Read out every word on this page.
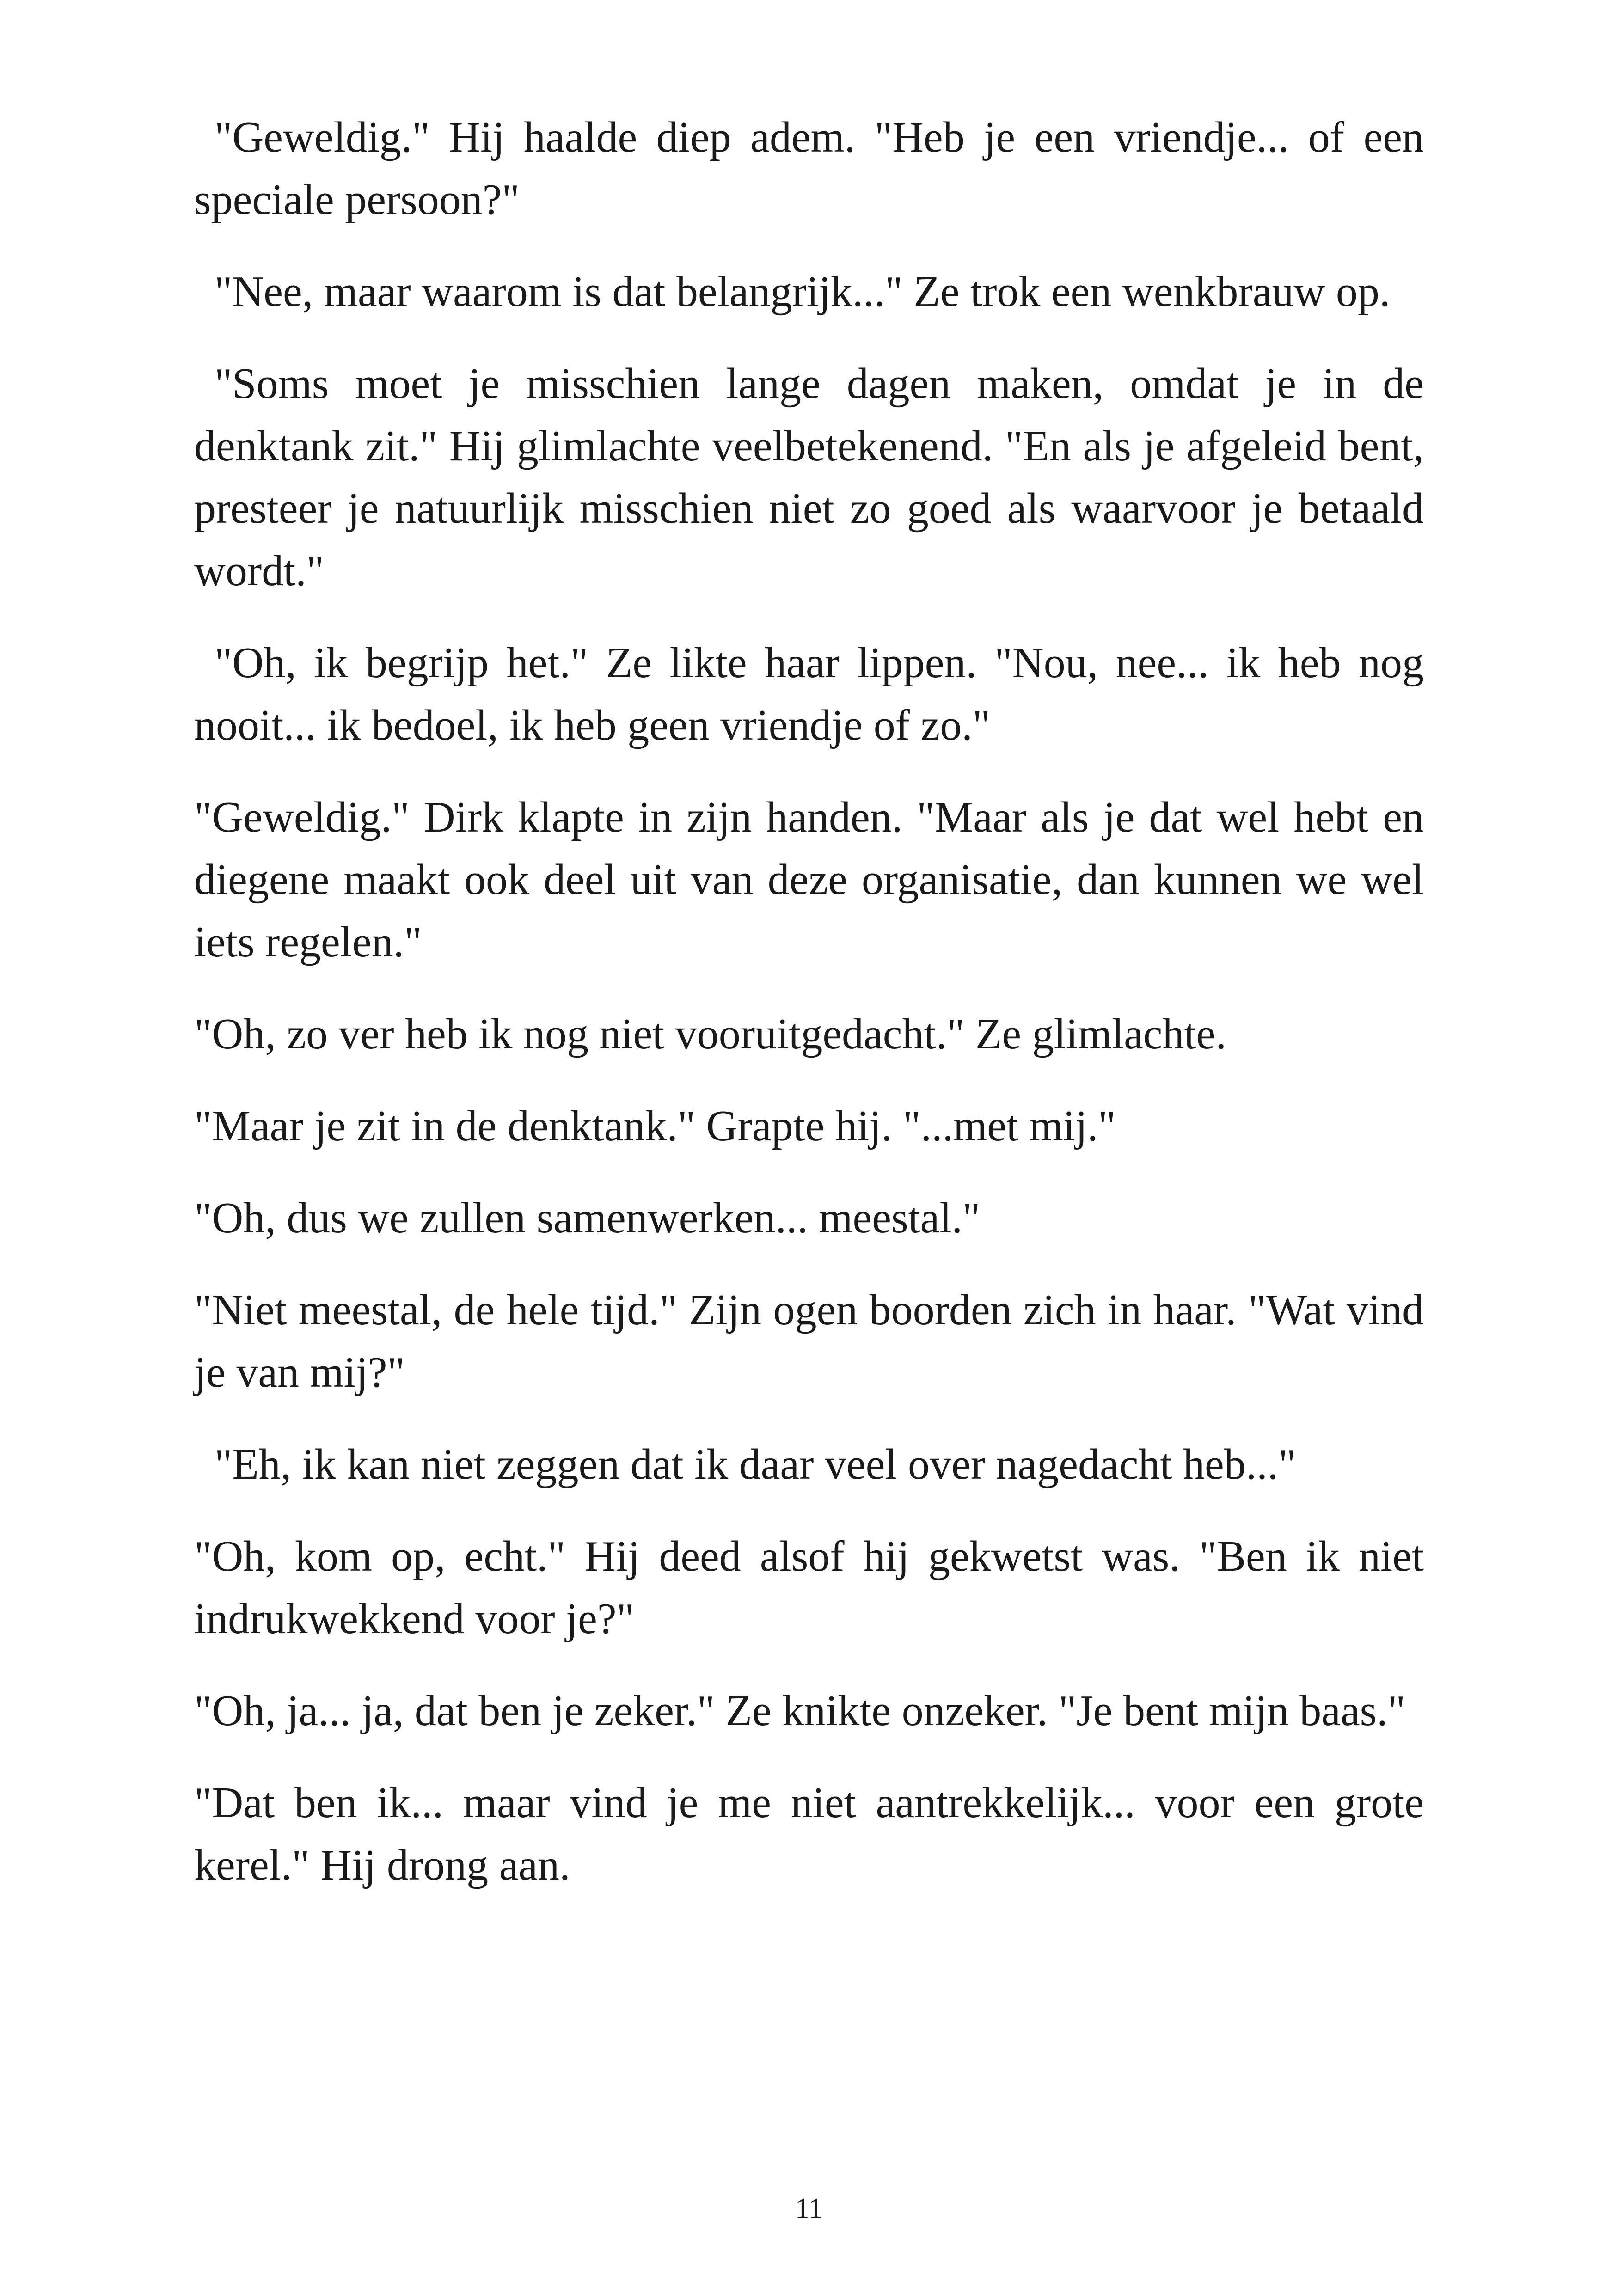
"Geweldig." Hij haalde diep adem. "Heb je een vriendje... of een speciale persoon?"

"Nee, maar waarom is dat belangrijk..." Ze trok een wenkbrauw op.

"Soms moet je misschien lange dagen maken, omdat je in de denktank zit." Hij glimlachte veelbetekenend. "En als je afgeleid bent, presteer je natuurlijk misschien niet zo goed als waarvoor je betaald wordt."

"Oh, ik begrijp het." Ze likte haar lippen. "Nou, nee... ik heb nog nooit... ik bedoel, ik heb geen vriendje of zo."

"Geweldig." Dirk klapte in zijn handen. "Maar als je dat wel hebt en diegene maakt ook deel uit van deze organisatie, dan kunnen we wel iets regelen."

"Oh, zo ver heb ik nog niet vooruitgedacht." Ze glimlachte.

"Maar je zit in de denktank." Grapte hij. "...met mij."

"Oh, dus we zullen samenwerken... meestal."

"Niet meestal, de hele tijd." Zijn ogen boorden zich in haar. "Wat vind je van mij?"

"Eh, ik kan niet zeggen dat ik daar veel over nagedacht heb..."

"Oh, kom op, echt." Hij deed alsof hij gekwetst was. "Ben ik niet indrukwekkend voor je?"

"Oh, ja... ja, dat ben je zeker." Ze knikte onzeker. "Je bent mijn baas."

"Dat ben ik... maar vind je me niet aantrekkelijk... voor een grote kerel." Hij drong aan.

11
